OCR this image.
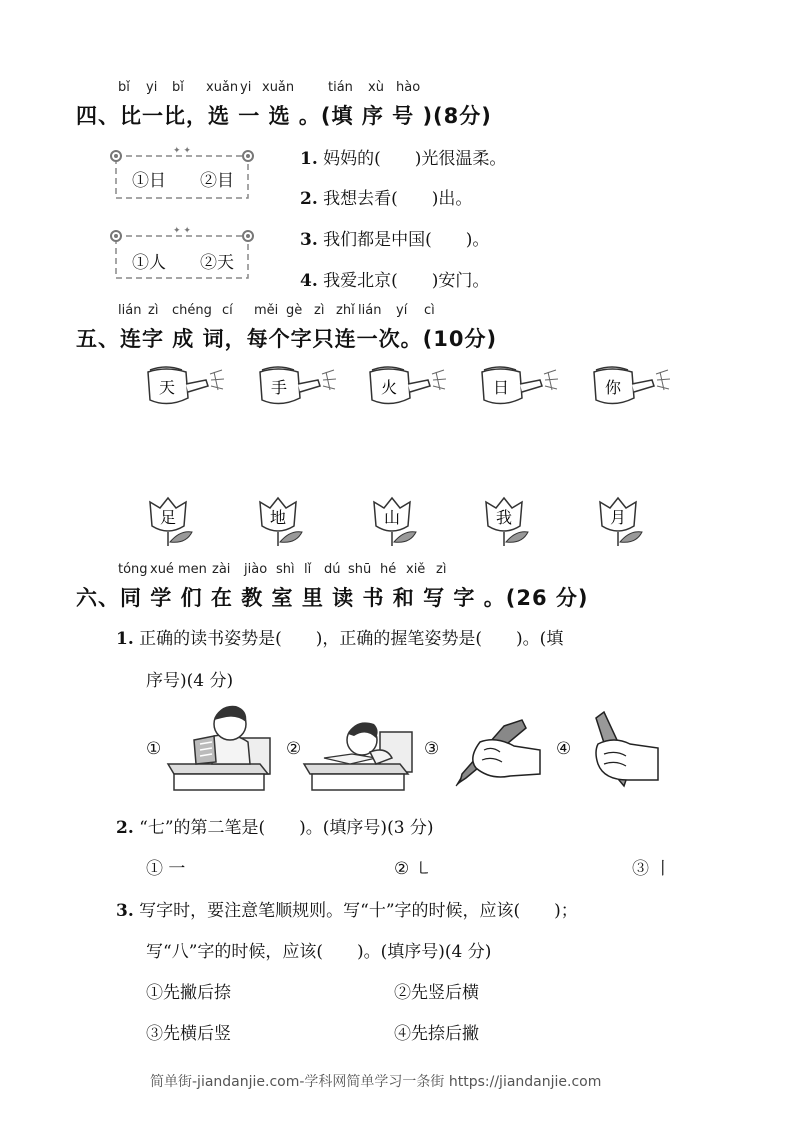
bǐ yi bǐ xuǎn yi xuǎn	tián xù hào
四、比一比，选 一 选 。(填 序 号 )(8分)
✦ ✦
✦ ✦
①日 ②目
①人 ②天
1. 妈妈的(　　)光很温柔。
2. 我想去看(　　)出。
3. 我们都是中国(　　)。
4. 我爱北京(　　)安门。
lián zì chéng cí měi gè zì zhǐ lián yí cì
五、连字 成 词，每个字只连一次。(10分)
天	手	火	日	你
足	地	山	我	月
tóng xué men zài jiào shì lǐ dú shū hé xiě zì
六、同 学 们 在 教 室 里 读 书 和 写 字 。(26 分)
1. 正确的读书姿势是(　　)，正确的握笔姿势是(　　)。(填
序号)(4 分)
①	②	③	④
2. “七”的第二笔是(　　)。(填序号)(3 分)
① 一	② ㇄	③ 丨
3. 写字时，要注意笔顺规则。写“十”字的时候，应该(　　)；
写“八”字的时候，应该(　　)。(填序号)(4 分)
①先撇后捺	②先竖后横
③先横后竖	④先捺后撇
简单街-jiandanjie.com-学科网简单学习一条街 https://jiandanjie.com
